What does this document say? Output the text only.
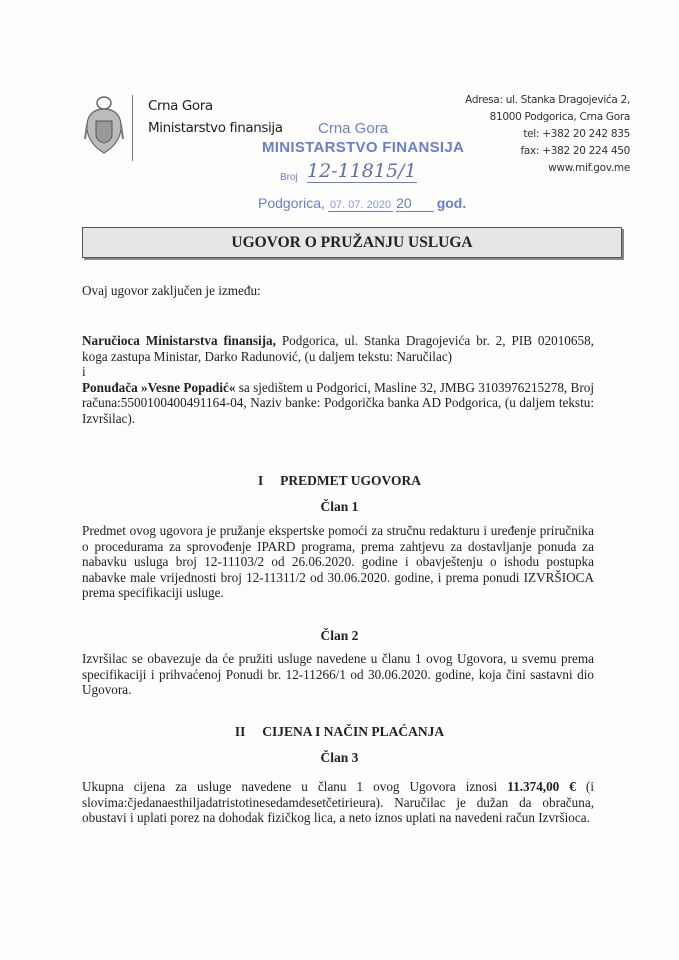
Crna Gora
Ministarstvo finansija Crna Gora
MINISTARSTVO FINANSIJA
Broj 12-11815/1
Podgorica, 07. 07. 2020 20	god.
Adresa: ul. Stanka Dragojevića 2,
81000 Podgorica, Crna Gora
tel: +382 20 242 835
fax: +382 20 224 450
www.mif.gov.me
UGOVOR O PRUŽANJU USLUGA
Ovaj ugovor zaključen je između:
Naručioca Ministarstva finansija, Podgorica, ul. Stanka Dragojevića br. 2, PIB 02010658, koga zastupa Ministar, Darko Radunović, (u daljem tekstu: Naručilac)
i
Ponuđača »Vesne Popadić« sa sjedištem u Podgorici, Masline 32, JMBG 3103976215278, Broj računa:5500100400491164-04, Naziv banke: Podgorička banka AD Podgorica, (u daljem tekstu: Izvršilac).
I     PREDMET UGOVORA
Član 1
Predmet ovog ugovora je pružanje ekspertske pomoći za stručnu redakturu i uređenje priručnika o procedurama za sprovođenje IPARD programa, prema zahtjevu za dostavljanje ponuda za nabavku usluga broj 12-11103/2 od 26.06.2020. godine i obavještenju o ishodu postupka nabavke male vrijednosti broj 12-11311/2 od 30.06.2020. godine, i prema ponudi IZVRŠIOCA prema specifikaciji usluge.
Član 2
Izvršilac se obavezuje da će pružiti usluge navedene u članu 1 ovog Ugovora, u svemu prema specifikaciji i prihvaćenoj Ponudi br. 12-11266/1 od 30.06.2020. godine, koja čini sastavni dio Ugovora.
II     CIJENA I NAČIN PLAĆANJA
Član 3
Ukupna cijena za usluge navedene u članu 1 ovog Ugovora iznosi 11.374,00 € (i slovima:čjedanaesthiljadatristotinesedamdesetčetirieura). Naručilac je dužan da obračuna, obustavi i uplati porez na dohodak fizičkog lica, a neto iznos uplati na navedeni račun Izvršioca.
